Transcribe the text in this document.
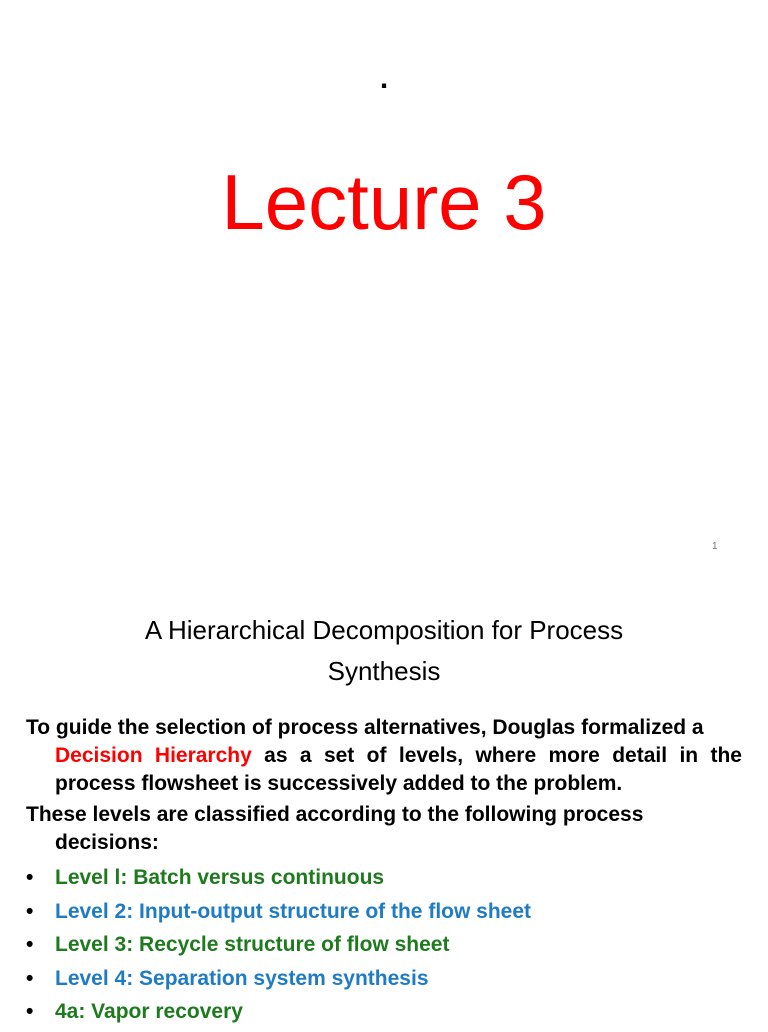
.
Lecture 3
1
A Hierarchical Decomposition for Process
Synthesis
To guide the selection of process alternatives, Douglas formalized a
Decision Hierarchy as a set of levels, where more detail in the process flowsheet is successively added to the problem.
These levels are classified according to the following process
decisions:
• Level l: Batch versus continuous
• Level 2: Input-output structure of the flow sheet
• Level 3: Recycle structure of flow sheet
• Level 4: Separation system synthesis
• 4a: Vapor recovery
